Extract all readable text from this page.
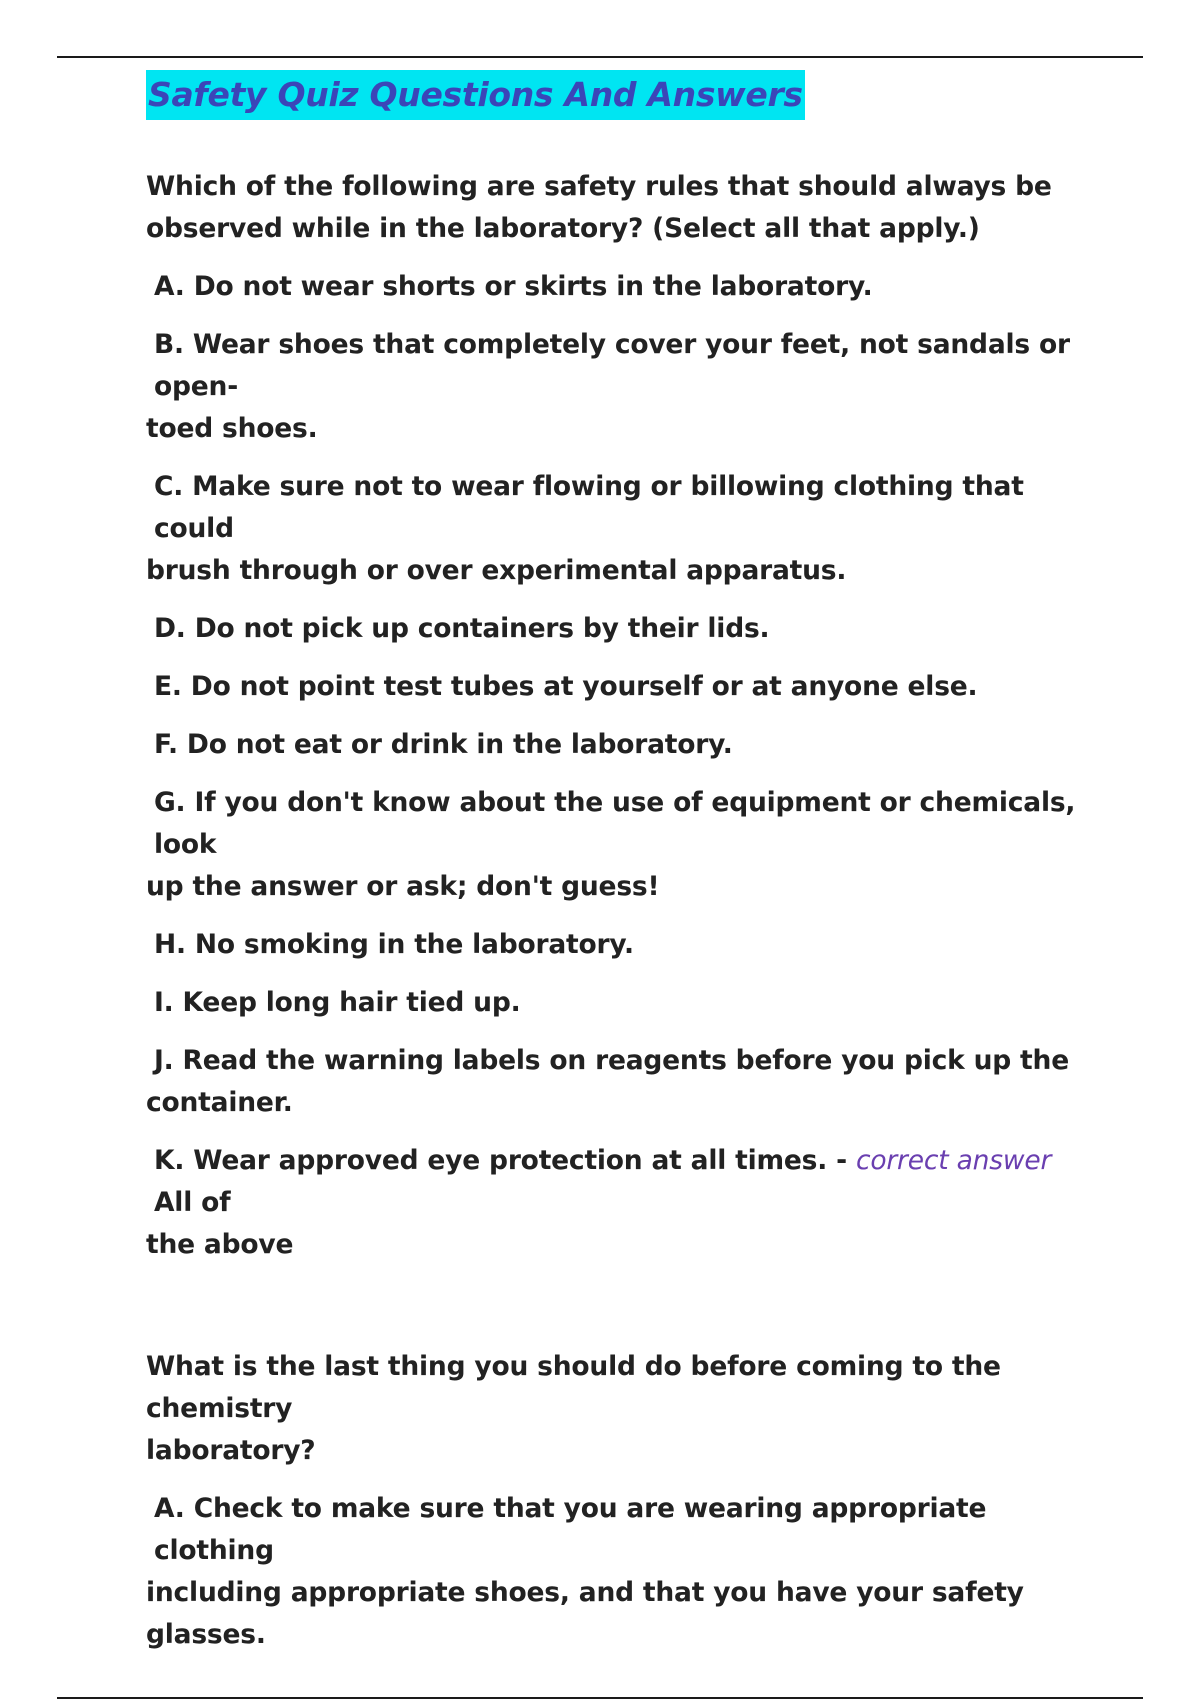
Safety Quiz Questions And Answers

Which of the following are safety rules that should always be
observed while in the laboratory? (Select all that apply.)

A. Do not wear shorts or skirts in the laboratory.

B. Wear shoes that completely cover your feet, not sandals or open-
toed shoes.

C. Make sure not to wear flowing or billowing clothing that could
brush through or over experimental apparatus.

D. Do not pick up containers by their lids.

E. Do not point test tubes at yourself or at anyone else.

F. Do not eat or drink in the laboratory.

G. If you don't know about the use of equipment or chemicals, look
up the answer or ask; don't guess!

H. No smoking in the laboratory.

I. Keep long hair tied up.

J. Read the warning labels on reagents before you pick up the
container.

K. Wear approved eye protection at all times. - correct answer All of
the above

What is the last thing you should do before coming to the chemistry
laboratory?

A. Check to make sure that you are wearing appropriate clothing
including appropriate shoes, and that you have your safety glasses.
